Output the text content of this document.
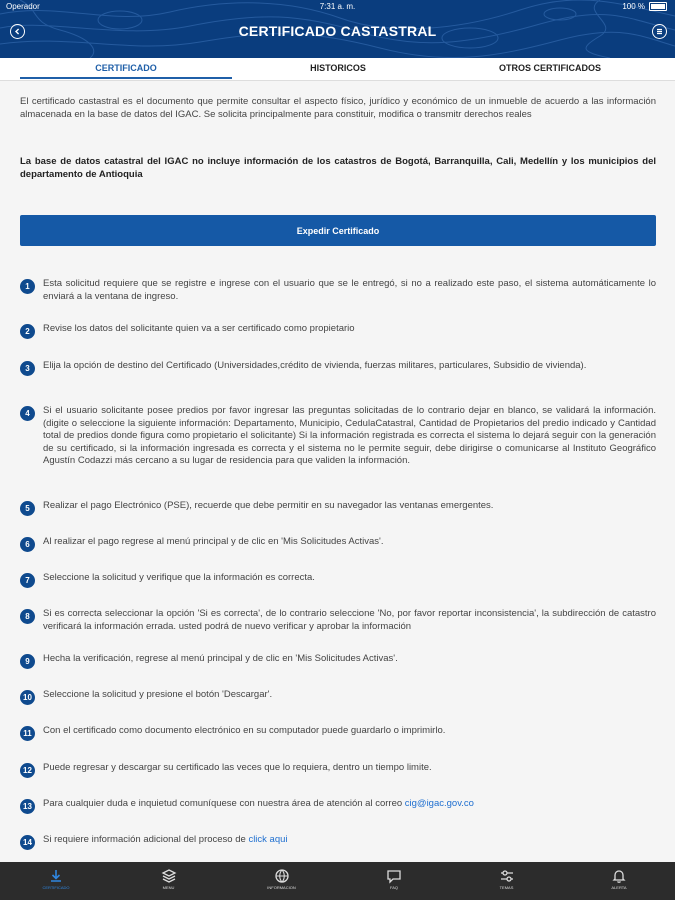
Operador	7:31 a. m.	100 %
CERTIFICADO CASTASTRAL
CERTIFICADO	HISTORICOS	OTROS CERTIFICADOS
El certificado castastral es el documento que permite consultar el aspecto físico, jurídico y económico de un inmueble de acuerdo a las información almacenada en la base de datos del IGAC. Se solicita principalmente para constituir, modifica o transmitr derechos reales
La base de datos catastral del IGAC no incluye información de los catastros de Bogotá, Barranquilla, Cali, Medellín y los municipios del departamento de Antioquia
Expedir Certificado
1	Esta solicitud requiere que se registre e ingrese con el usuario que se le entregó, si no a realizado este paso, el sistema automáticamente lo enviará a la ventana de ingreso.
2	Revise los datos del solicitante quien va a ser certificado como propietario
3	Elija la opción de destino del Certificado (Universidades,crédito de vivienda, fuerzas militares, particulares, Subsidio de vivienda).
4	Si el usuario solicitante posee predios por favor ingresar las preguntas solicitadas de lo contrario dejar en blanco, se validará la información.(digite o seleccione la siguiente información: Departamento, Municipio, CedulaCatastral, Cantidad de Propietarios del predio indicado y Cantidad total de predios donde figura como propietario el solicitante) Si la información registrada es correcta el sistema lo dejará seguir con la generación de su certificado, si la información ingresada es correcta y el sistema no le permite seguir, debe dirigirse o comunicarse al Instituto Geográfico Agustín Codazzi más cercano a su lugar de residencia para que validen la información.
5	Realizar el pago Electrónico (PSE), recuerde que debe permitir en su navegador las ventanas emergentes.
6	Al realizar el pago regrese al menú principal y de clic en 'Mis Solicitudes Activas'.
7	Seleccione la solicitud y verifique que la información es correcta.
8	Si es correcta seleccionar la opción 'Si es correcta', de lo contrario seleccione 'No, por favor reportar inconsistencia', la subdirección de catastro verificará la información errada. usted podrá de nuevo verificar y aprobar la información
9	Hecha la verificación, regrese al menú principal y de clic en 'Mis Solicitudes Activas'.
10	Seleccione la solicitud y presione el botón 'Descargar'.
11	Con el certificado como documento electrónico en su computador puede guardarlo o imprimirlo.
12	Puede regresar y descargar su certificado las veces que lo requiera, dentro un tiempo limite.
13	Para cualquier duda e inquietud comuníquese con nuestra área de atención al correo cig@igac.gov.co
14	Si requiere información adicional del proceso de click aqui
CERTIFICADO	MENU	INFORMACION	FAQ	TEMAS	ALERTA
